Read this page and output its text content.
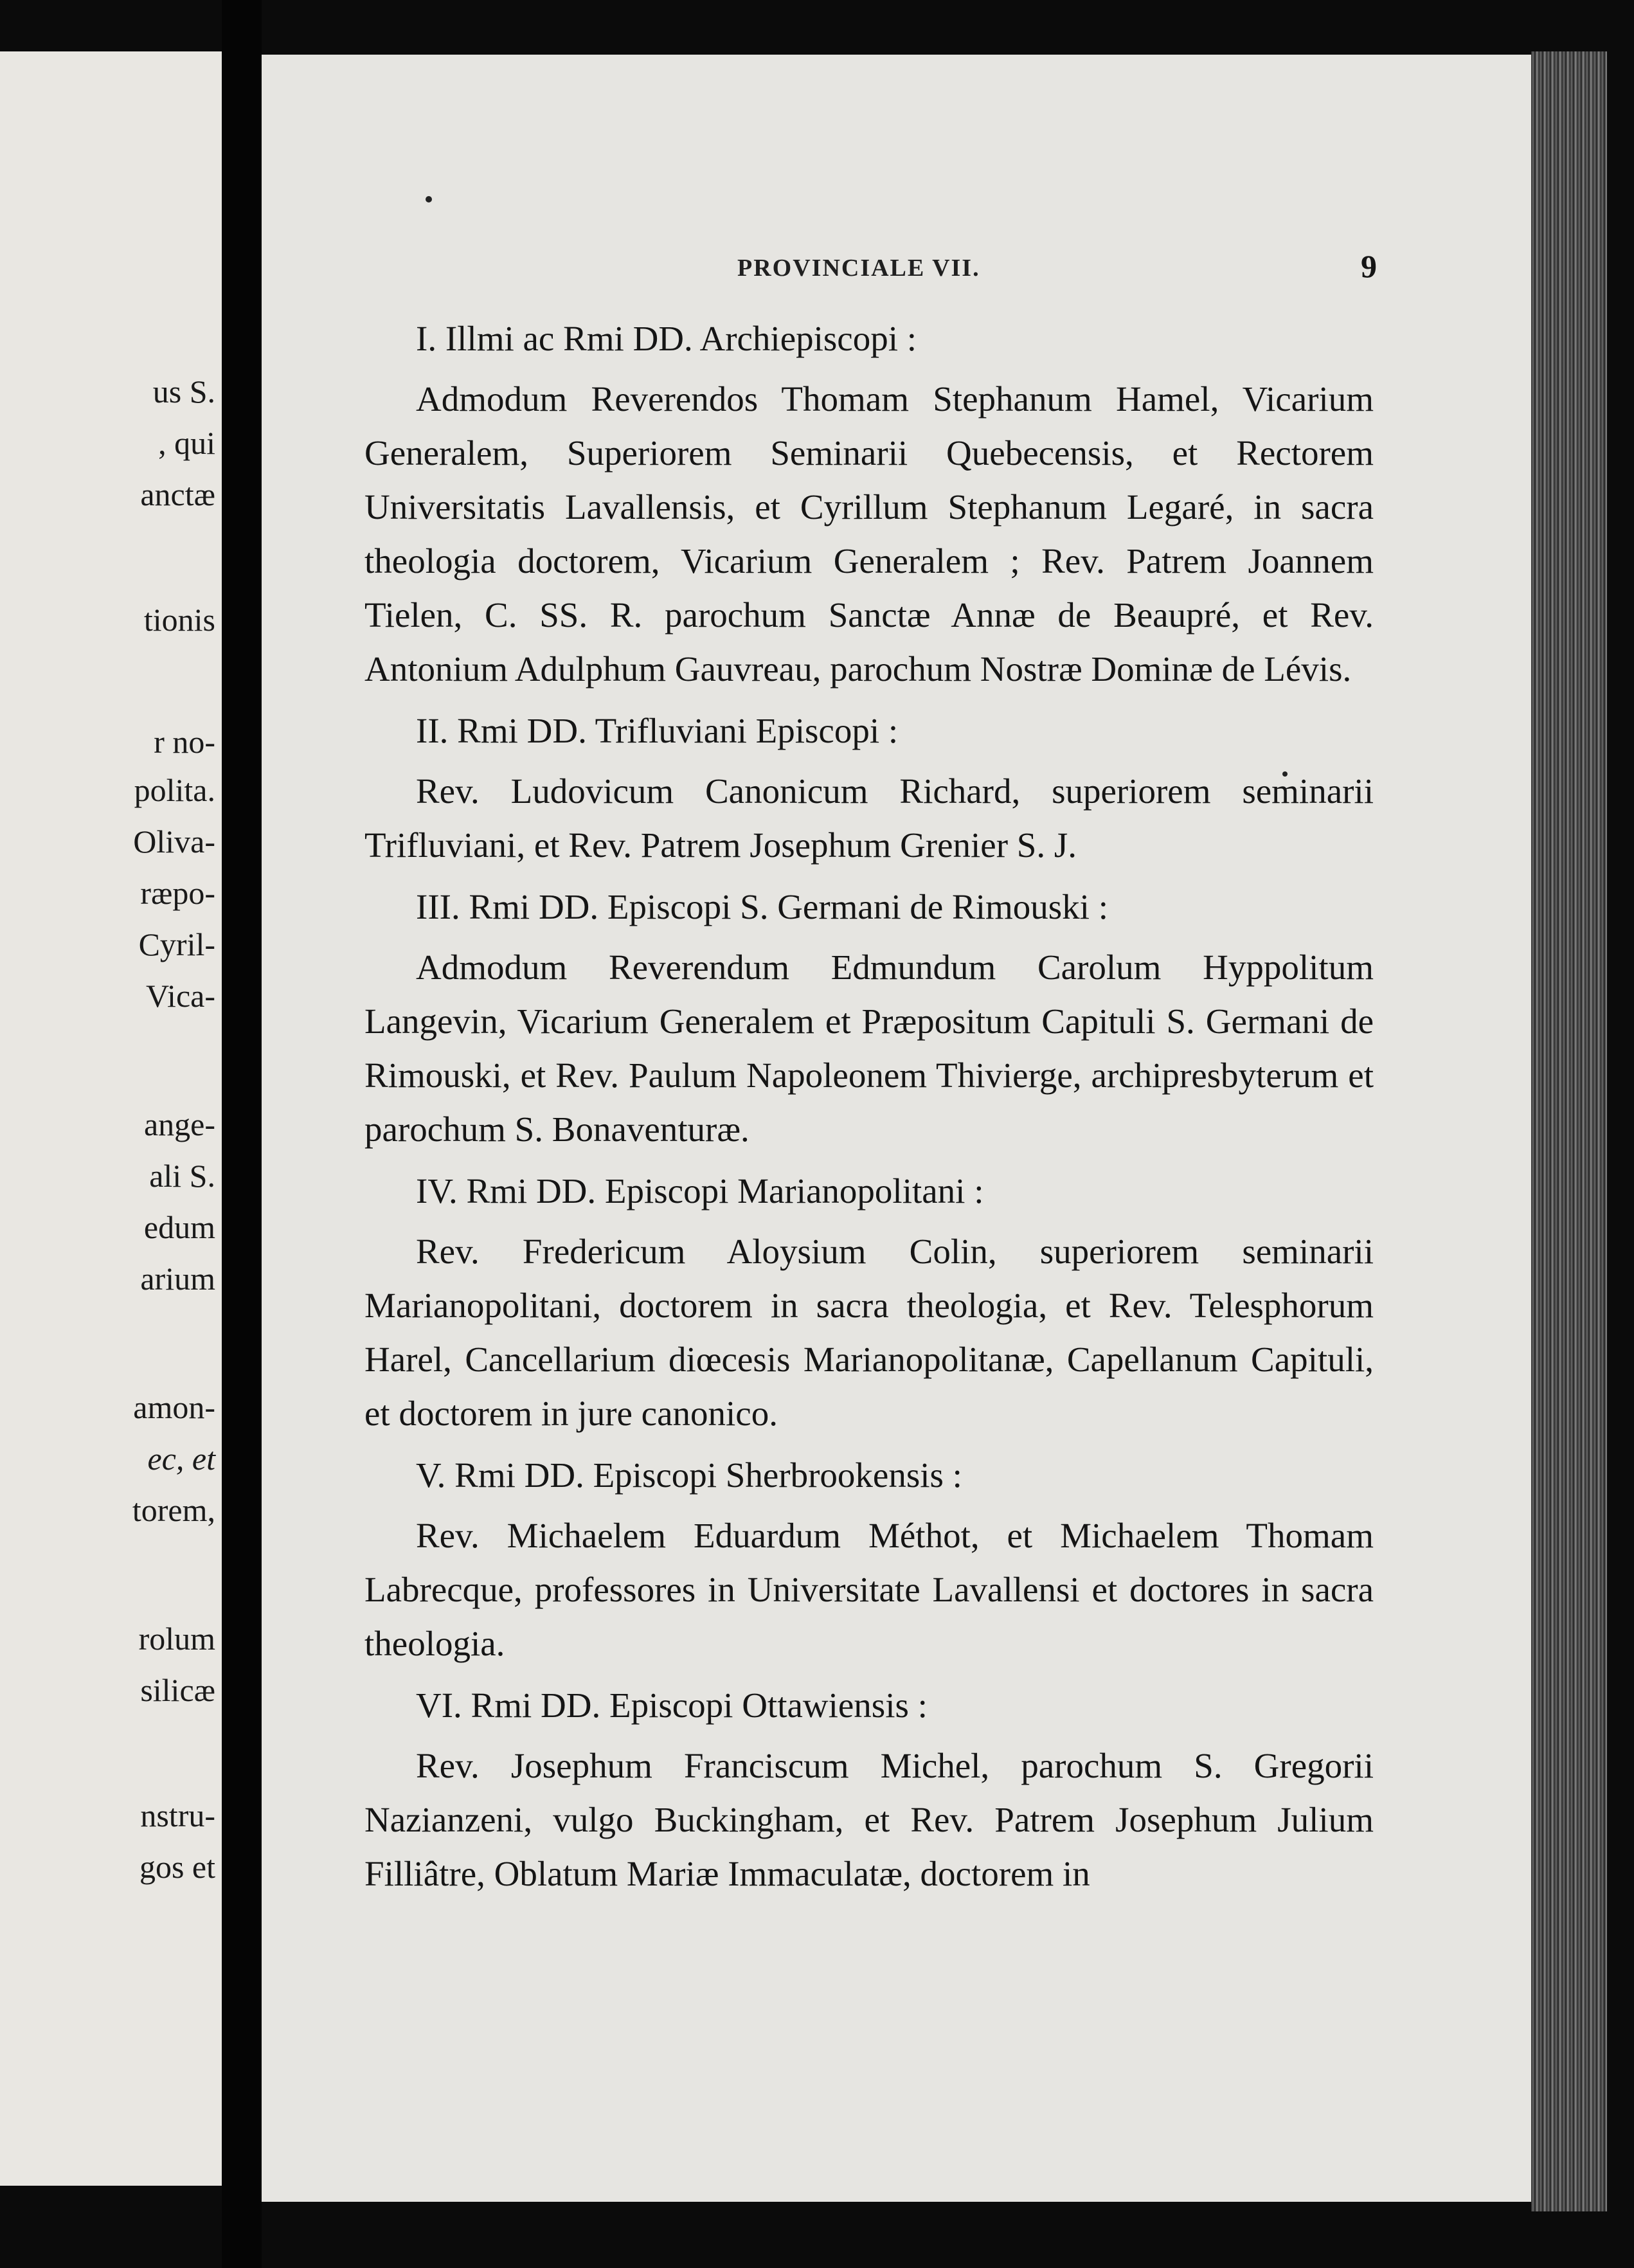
us S.
, qui
anctæ
tionis
r no-
polita.
Oliva-
ræpo-
Cyril-
Vica-
ange-
ali S.
edum
arium
amon-
ec, et
torem,
rolum
silicæ
nstru-
gos et
PROVINCIALE VII.	9

I. Illmi ac Rmi DD. Archiepiscopi :

Admodum Reverendos Thomam Stephanum Hamel, Vicarium Generalem, Superiorem Seminarii Quebecensis, et Rectorem Universitatis Lavallensis, et Cyrillum Stephanum Legaré, in sacra theologia doctorem, Vicarium Generalem ; Rev. Patrem Joannem Tielen, C. SS. R. parochum Sanctæ Annæ de Beaupré, et Rev. Antonium Adulphum Gauvreau, parochum Nostræ Dominæ de Lévis.

II. Rmi DD. Trifluviani Episcopi :

Rev. Ludovicum Canonicum Richard, superiorem seminarii Trifluviani, et Rev. Patrem Josephum Grenier S. J.

III. Rmi DD. Episcopi S. Germani de Rimouski :

Admodum Reverendum Edmundum Carolum Hyppolitum Langevin, Vicarium Generalem et Præpositum Capituli S. Germani de Rimouski, et Rev. Paulum Napoleonem Thivierge, archipresbyterum et parochum S. Bonaventuræ.

IV. Rmi DD. Episcopi Marianopolitani :

Rev. Fredericum Aloysium Colin, superiorem seminarii Marianopolitani, doctorem in sacra theologia, et Rev. Telesphorum Harel, Cancellarium diœcesis Marianopolitanæ, Capellanum Capituli, et doctorem in jure canonico.

V. Rmi DD. Episcopi Sherbrookensis :

Rev. Michaelem Eduardum Méthot, et Michaelem Thomam Labrecque, professores in Universitate Lavallensi et doctores in sacra theologia.

VI. Rmi DD. Episcopi Ottawiensis :

Rev. Josephum Franciscum Michel, parochum S. Gregorii Nazianzeni, vulgo Buckingham, et Rev. Patrem Josephum Julium Filliâtre, Oblatum Mariæ Immaculatæ, doctorem in
